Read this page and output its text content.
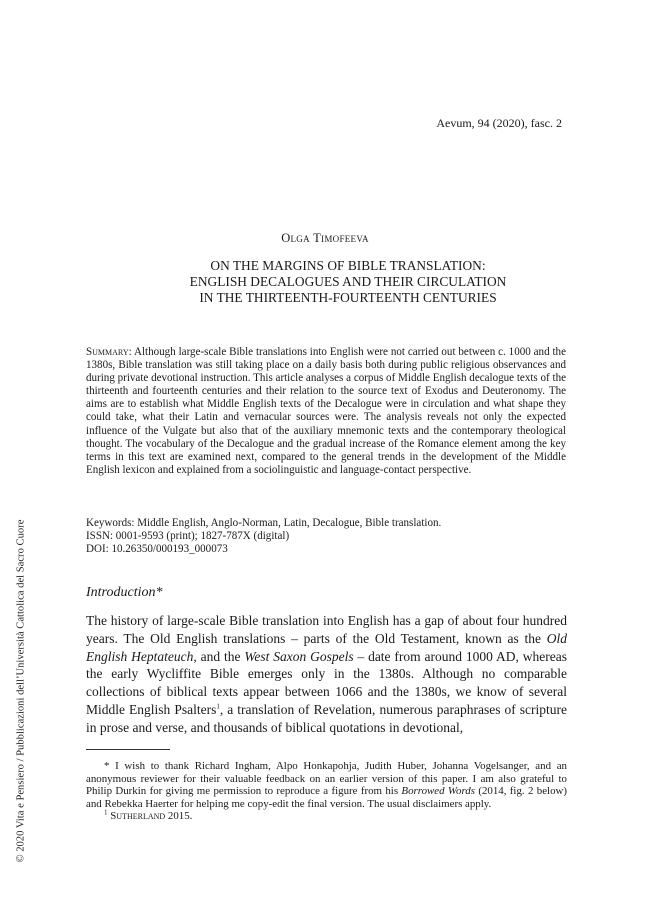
© 2020 Vita e Pensiero / Pubblicazioni dell’Università Cattolica del Sacro Cuore
Aevum, 94 (2020), fasc. 2
Olga Timofeeva
ON THE MARGINS OF BIBLE TRANSLATION:
ENGLISH DECALOGUES AND THEIR CIRCULATION
IN THE THIRTEENTH-FOURTEENTH CENTURIES
Summary: Although large-scale Bible translations into English were not carried out between c. 1000 and the 1380s, Bible translation was still taking place on a daily basis both during public religious observances and during private devotional instruction. This article analyses a corpus of Middle English decalogue texts of the thirteenth and fourteenth centuries and their relation to the source text of Exodus and Deuteronomy. The aims are to establish what Middle English texts of the Decalogue were in circulation and what shape they could take, what their Latin and vernacular sources were. The analysis reveals not only the expected influence of the Vulgate but also that of the auxiliary mnemonic texts and the contemporary theological thought. The vocabulary of the Decalogue and the gradual increase of the Romance element among the key terms in this text are examined next, compared to the general trends in the development of the Middle English lexicon and explained from a sociolinguistic and language-contact perspective.
Keywords: Middle English, Anglo-Norman, Latin, Decalogue, Bible translation.
ISSN: 0001-9593 (print); 1827-787X (digital)
DOI: 10.26350/000193_000073
Introduction*
The history of large-scale Bible translation into English has a gap of about four hundred years. The Old English translations – parts of the Old Testament, known as the Old English Heptateuch, and the West Saxon Gospels – date from around 1000 AD, whereas the early Wycliffite Bible emerges only in the 1380s. Although no comparable collections of biblical texts appear between 1066 and the 1380s, we know of several Middle English Psalters$^1$, a translation of Revelation, numerous paraphrases of scripture in prose and verse, and thousands of biblical quotations in devotional,

* I wish to thank Richard Ingham, Alpo Honkapohja, Judith Huber, Johanna Vogelsanger, and an anonymous reviewer for their valuable feedback on an earlier version of this paper. I am also grateful to Philip Durkin for giving me permission to reproduce a figure from his Borrowed Words (2014, fig. 2 below) and Rebekka Haerter for helping me copy-edit the final version. The usual disclaimers apply.

$^1$ Sutherland 2015.
